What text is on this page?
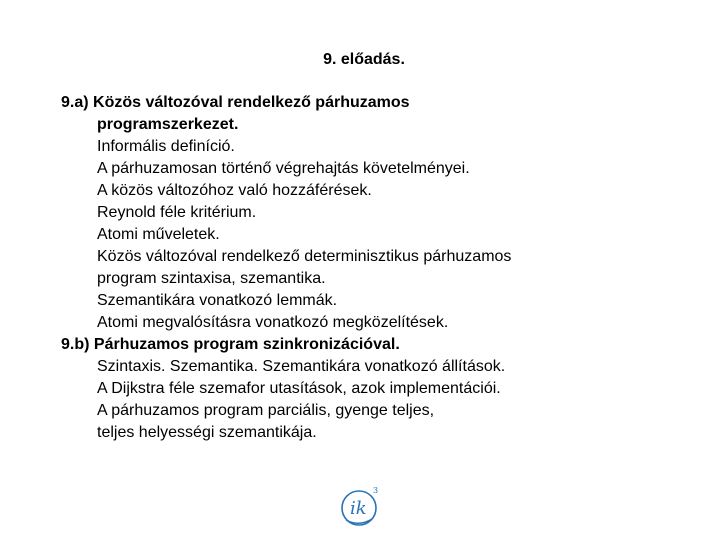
9. előadás.
9.a) Közös változóval rendelkező párhuzamos
programszerkezet.
Informális definíció.
A párhuzamosan történő végrehajtás követelményei.
A közös változóhoz való hozzáférések.
Reynold féle kritérium.
Atomi műveletek.
Közös változóval rendelkező determinisztikus párhuzamos
program szintaxisa, szemantika.
Szemantikára vonatkozó lemmák.
Atomi megvalósításra vonatkozó megközelítések.
9.b) Párhuzamos program szinkronizációval.
Szintaxis. Szemantika. Szemantikára vonatkozó állítások.
A Dijkstra féle szemafor utasítások, azok implementációi.
A párhuzamos program parciális, gyenge teljes,
teljes helyességi szemantikája.
ik
3
